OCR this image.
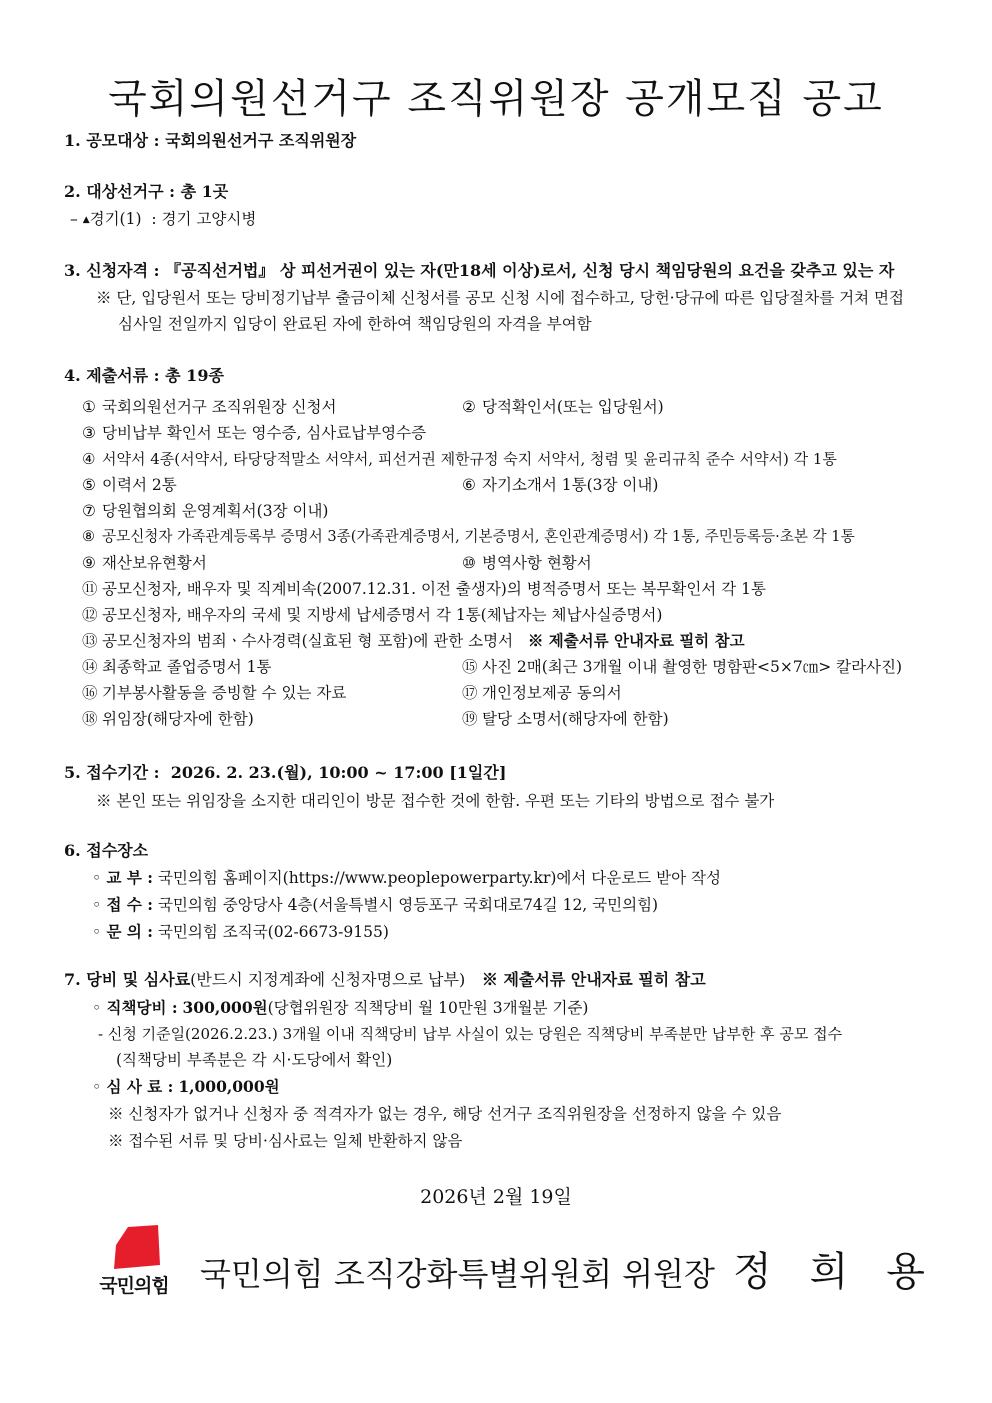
국회의원선거구 조직위원장 공개모집 공고
1. 공모대상 : 국회의원선거구 조직위원장
2. 대상선거구 : 총 1곳
– ▲경기(1) : 경기 고양시병
3. 신청자격 : 『공직선거법』 상 피선거권이 있는 자(만18세 이상)로서, 신청 당시 책임당원의 요건을 갖추고 있는 자
※ 단, 입당원서 또는 당비정기납부 출금이체 신청서를 공모 신청 시에 접수하고, 당헌·당규에 따른 입당절차를 거쳐 면접
심사일 전일까지 입당이 완료된 자에 한하여 책임당원의 자격을 부여함
4. 제출서류 : 총 19종
① 국회의원선거구 조직위원장 신청서	② 당적확인서(또는 입당원서)
③ 당비납부 확인서 또는 영수증, 심사료납부영수증
④ 서약서 4종(서약서, 타당당적말소 서약서, 피선거권 제한규정 숙지 서약서, 청렴 및 윤리규칙 준수 서약서) 각 1통
⑤ 이력서 2통	⑥ 자기소개서 1통(3장 이내)
⑦ 당원협의회 운영계획서(3장 이내)
⑧ 공모신청자 가족관계등록부 증명서 3종(가족관계증명서, 기본증명서, 혼인관계증명서) 각 1통, 주민등록등·초본 각 1통
⑨ 재산보유현황서	⑩ 병역사항 현황서
⑪ 공모신청자, 배우자 및 직계비속(2007.12.31. 이전 출생자)의 병적증명서 또는 복무확인서 각 1통
⑫ 공모신청자, 배우자의 국세 및 지방세 납세증명서 각 1통(체납자는 체납사실증명서)
⑬ 공모신청자의 범죄ㆍ수사경력(실효된 형 포함)에 관한 소명서 ※ 제출서류 안내자료 필히 참고
⑭ 최종학교 졸업증명서 1통	⑮ 사진 2매(최근 3개월 이내 촬영한 명함판<5×7㎝> 칼라사진)
⑯ 기부봉사활동을 증빙할 수 있는 자료	⑰ 개인정보제공 동의서
⑱ 위임장(해당자에 한함)	⑲ 탈당 소명서(해당자에 한함)
5. 접수기간 : 2026. 2. 23.(월), 10:00 ~ 17:00 [1일간]
※ 본인 또는 위임장을 소지한 대리인이 방문 접수한 것에 한함. 우편 또는 기타의 방법으로 접수 불가
6. 접수장소
◦ 교 부 : 국민의힘 홈페이지(https://www.peoplepowerparty.kr)에서 다운로드 받아 작성
◦ 접 수 : 국민의힘 중앙당사 4층(서울특별시 영등포구 국회대로74길 12, 국민의힘)
◦ 문 의 : 국민의힘 조직국(02-6673-9155)
7. 당비 및 심사료(반드시 지정계좌에 신청자명으로 납부) ※ 제출서류 안내자료 필히 참고
◦ 직책당비 : 300,000원(당협위원장 직책당비 월 10만원 3개월분 기준)
- 신청 기준일(2026.2.23.) 3개월 이내 직책당비 납부 사실이 있는 당원은 직책당비 부족분만 납부한 후 공모 접수
(직책당비 부족분은 각 시·도당에서 확인)
◦ 심 사 료 : 1,000,000원
※ 신청자가 없거나 신청자 중 적격자가 없는 경우, 해당 선거구 조직위원장을 선정하지 않을 수 있음
※ 접수된 서류 및 당비·심사료는 일체 반환하지 않음
2026년 2월 19일
국민의힘 국민의힘 조직강화특별위원회 위원장 정희용
